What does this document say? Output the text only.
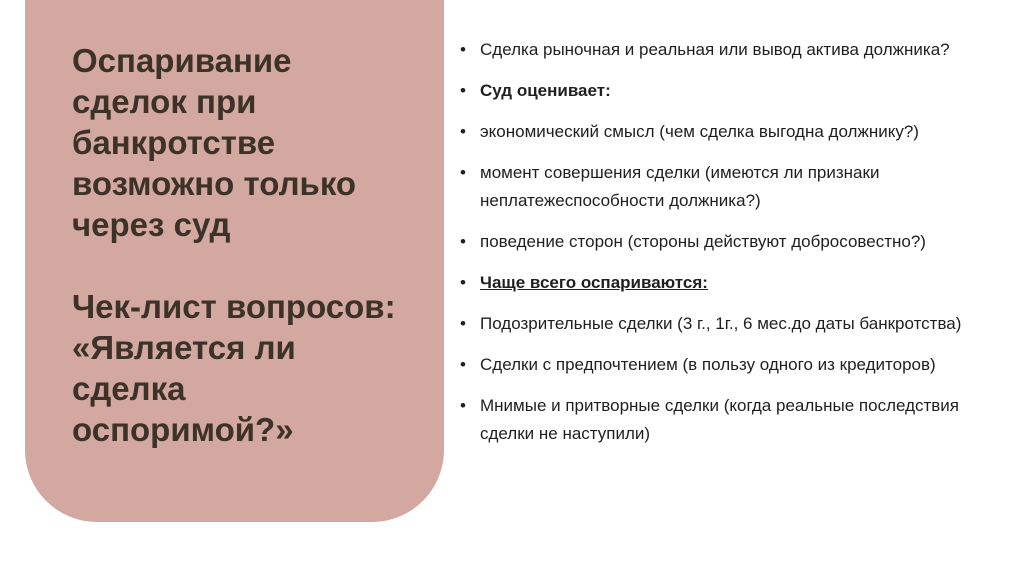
Оспаривание
сделок при
банкротстве
возможно только
через суд
Чек-лист вопросов:
«Является ли
сделка
оспоримой?»
• Сделка рыночная и реальная или вывод актива должника?
• Суд оценивает:
• экономический смысл (чем сделка выгодна должнику?)
• момент совершения сделки (имеются ли признаки неплатежеспособности должника?)
• поведение сторон (стороны действуют добросовестно?)
• Чаще всего оспариваются:
• Подозрительные сделки (3 г., 1г., 6 мес.до даты банкротства)
• Сделки с предпочтением (в пользу одного из кредиторов)
• Мнимые и притворные сделки (когда реальные последствия сделки не наступили)
